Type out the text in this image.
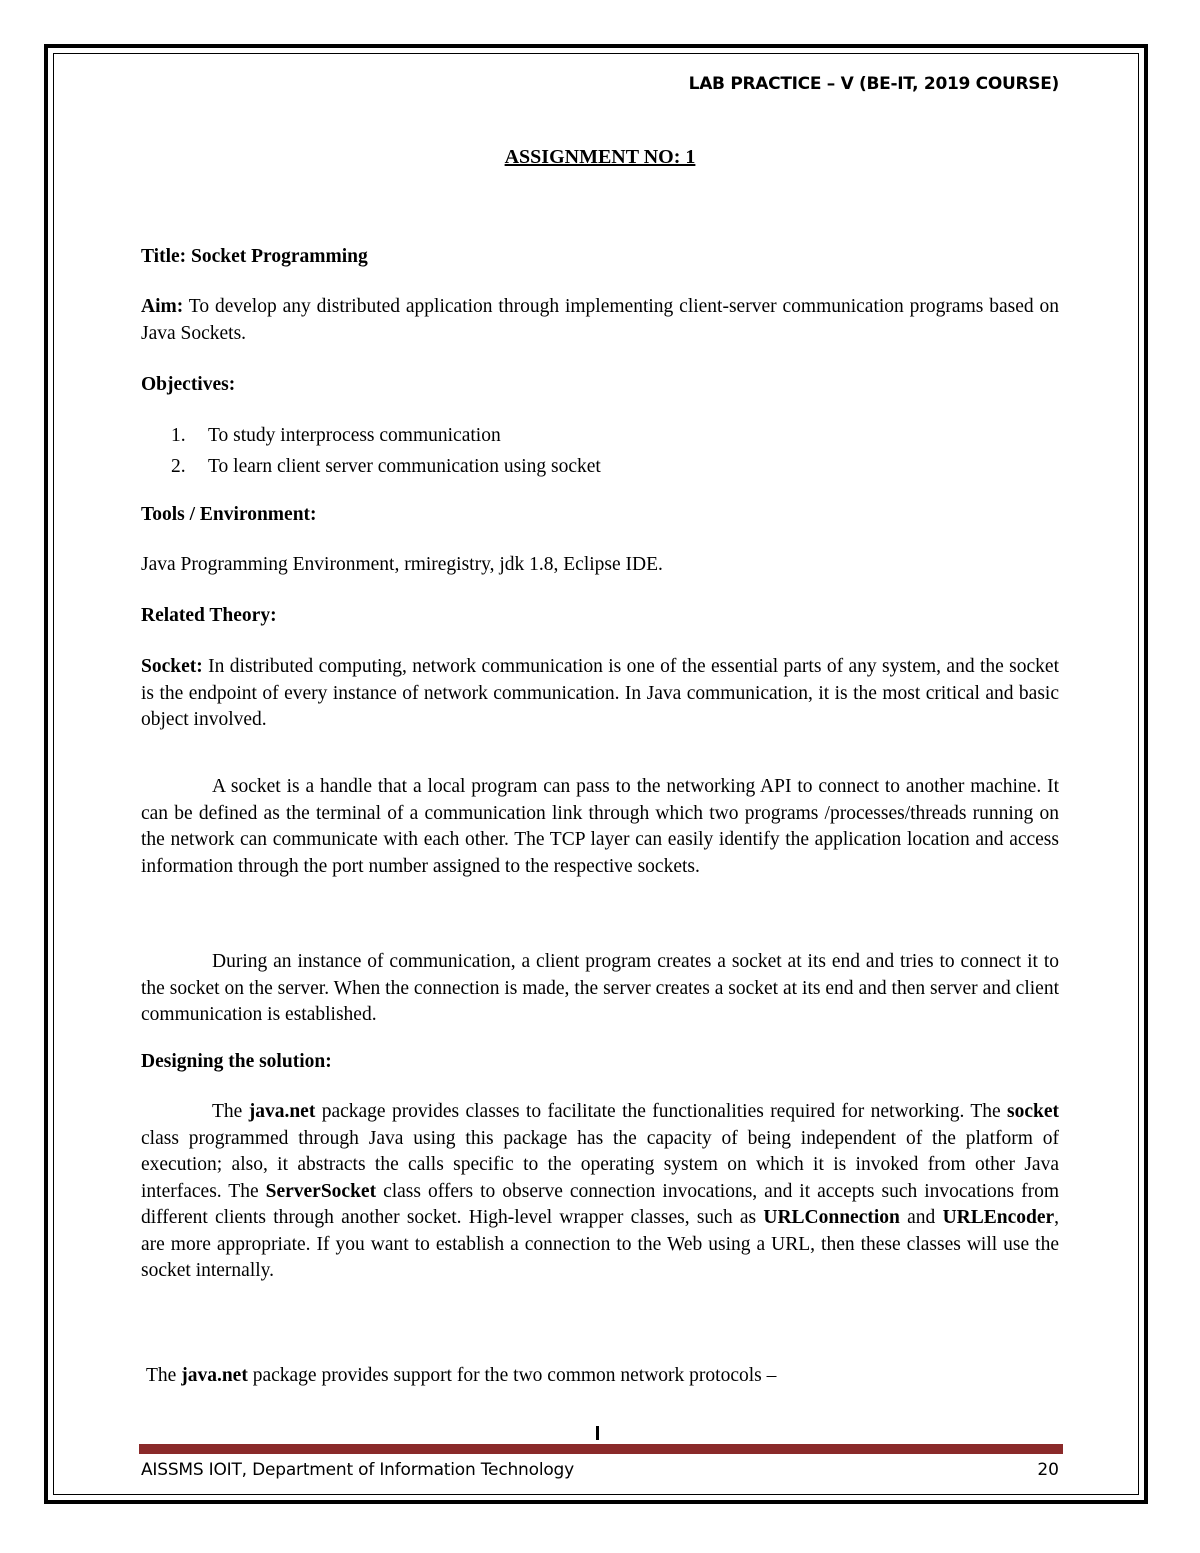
LAB PRACTICE – V (BE-IT, 2019 COURSE)
ASSIGNMENT NO: 1

Title: Socket Programming

Aim: To develop any distributed application through implementing client-server communication programs based on Java Sockets.

Objectives:

1. To study interprocess communication
2. To learn client server communication using socket

Tools / Environment:

Java Programming Environment, rmiregistry, jdk 1.8, Eclipse IDE.

Related Theory:

Socket: In distributed computing, network communication is one of the essential parts of any system, and the socket is the endpoint of every instance of network communication. In Java communication, it is the most critical and basic object involved.

A socket is a handle that a local program can pass to the networking API to connect to another machine. It can be defined as the terminal of a communication link through which two programs /processes/threads running on the network can communicate with each other. The TCP layer can easily identify the application location and access information through the port number assigned to the respective sockets.

During an instance of communication, a client program creates a socket at its end and tries to connect it to the socket on the server. When the connection is made, the server creates a socket at its end and then server and client communication is established.

Designing the solution:

The java.net package provides classes to facilitate the functionalities required for networking. The socket class programmed through Java using this package has the capacity of being independent of the platform of execution; also, it abstracts the calls specific to the operating system on which it is invoked from other Java interfaces. The ServerSocket class offers to observe connection invocations, and it accepts such invocations from different clients through another socket. High-level wrapper classes, such as URLConnection and URLEncoder, are more appropriate. If you want to establish a connection to the Web using a URL, then these classes will use the socket internally.

The java.net package provides support for the two common network protocols –

AISSMS IOIT, Department of Information Technology	20
